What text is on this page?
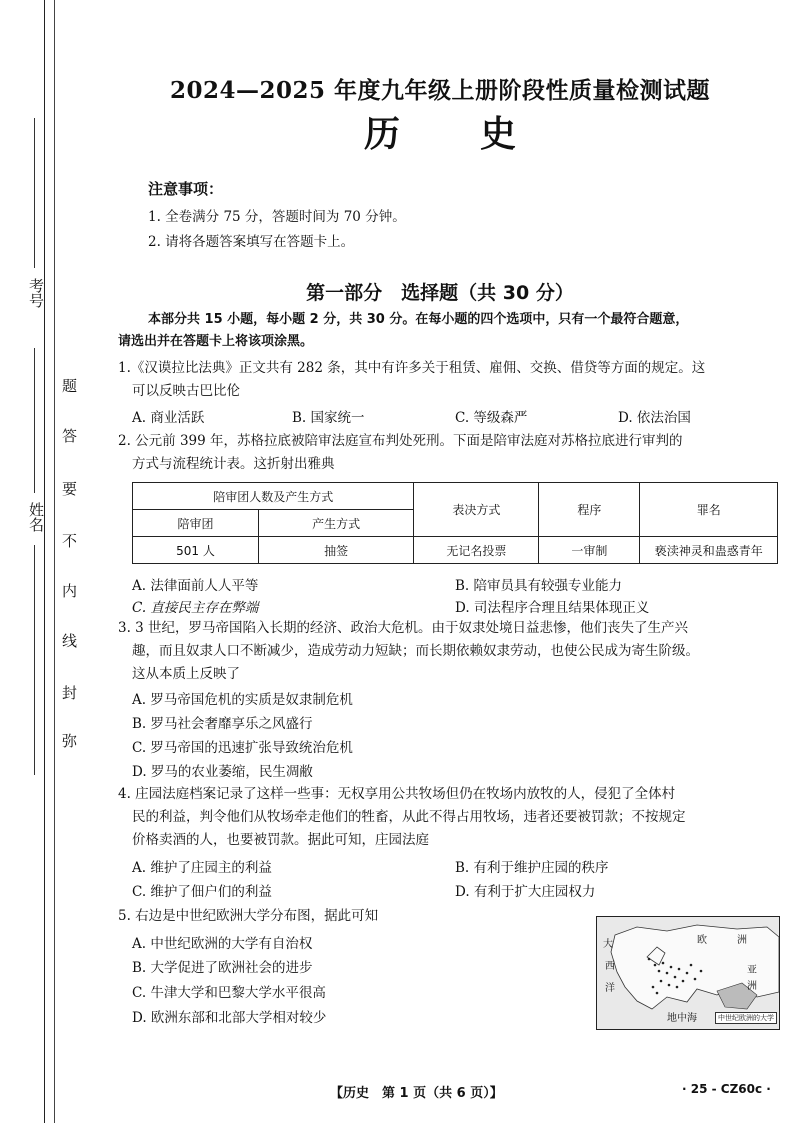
考号
姓名
题
答
要
不
内
线
封
弥
2024—2025 年度九年级上册阶段性质量检测试题
历 史
注意事项：
1. 全卷满分 75 分，答题时间为 70 分钟。
2. 请将各题答案填写在答题卡上。
第一部分　选择题（共 30 分）
本部分共 15 小题，每小题 2 分，共 30 分。在每小题的四个选项中，只有一个最符合题意，
请选出并在答题卡上将该项涂黑。
1.《汉谟拉比法典》正文共有 282 条，其中有许多关于租赁、雇佣、交换、借贷等方面的规定。这
可以反映古巴比伦
A. 商业活跃	B. 国家统一	C. 等级森严	D. 依法治国
2. 公元前 399 年，苏格拉底被陪审法庭宣布判处死刑。下面是陪审法庭对苏格拉底进行审判的
方式与流程统计表。这折射出雅典
陪审团人数及产生方式		表决方式	程序	罪名
陪审团	产生方式			
501 人	抽签	无记名投票	一审制	亵渎神灵和蛊惑青年
A. 法律面前人人平等	B. 陪审员具有较强专业能力
C. 直接民主存在弊端	D. 司法程序合理且结果体现正义
3. 3 世纪，罗马帝国陷入长期的经济、政治大危机。由于奴隶处境日益悲惨，他们丧失了生产兴
趣，而且奴隶人口不断减少，造成劳动力短缺；而长期依赖奴隶劳动，也使公民成为寄生阶级。
这从本质上反映了
A. 罗马帝国危机的实质是奴隶制危机
B. 罗马社会奢靡享乐之风盛行
C. 罗马帝国的迅速扩张导致统治危机
D. 罗马的农业萎缩，民生凋敝
4. 庄园法庭档案记录了这样一些事：无权享用公共牧场但仍在牧场内放牧的人，侵犯了全体村
民的利益，判令他们从牧场牵走他们的牲畜，从此不得占用牧场，违者还要被罚款；不按规定
价格卖酒的人，也要被罚款。据此可知，庄园法庭
A. 维护了庄园主的利益	B. 有利于维护庄园的秩序
C. 维护了佃户们的利益	D. 有利于扩大庄园权力
5. 右边是中世纪欧洲大学分布图，据此可知
A. 中世纪欧洲的大学有自治权
B. 大学促进了欧洲社会的进步
C. 牛津大学和巴黎大学水平很高
D. 欧洲东部和北部大学相对较少
大	欧	洲
西
洋
亚
洲
地中海	中世纪欧洲的大学
【历史　第 1 页（共 6 页）】	· 25 - CZ60c ·
